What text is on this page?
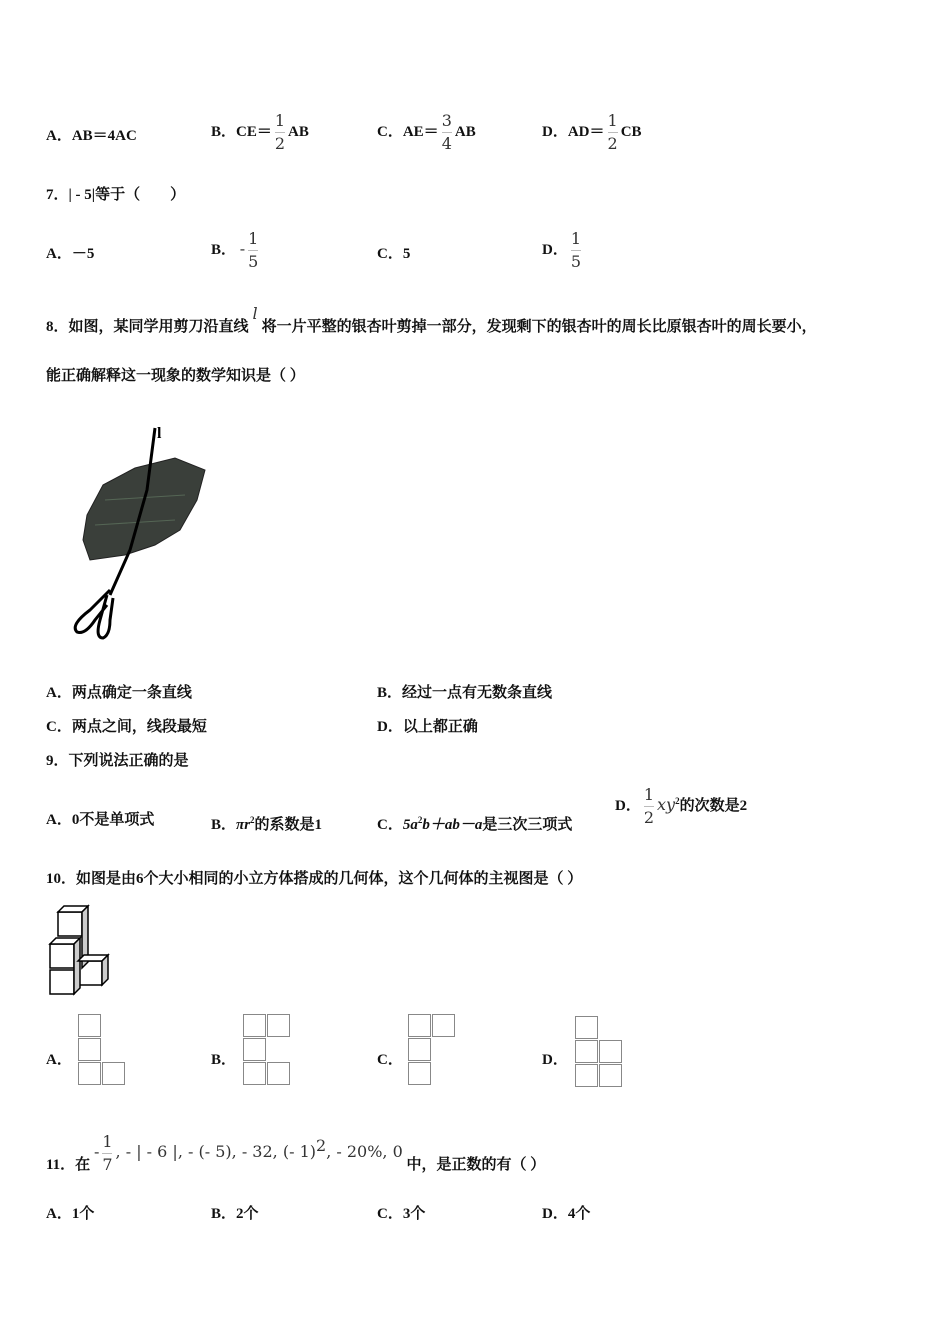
A．AB＝4AC	B．$CE= \frac{1}{2}$ AB	C．$AE= \frac{3}{4}$ AB	D．$AD= \frac{1}{2}$ CB
7．| - 5|等于（　　）
A．－5	B． - $\frac{1}{5}$	C．5	D． $\frac{1}{5}$
8．如图，某同学用剪刀沿直线l将一片平整的银杏叶剪掉一部分，发现剩下的银杏叶的周长比原银杏叶的周长要小，
能正确解释这一现象的数学知识是（ ）
l
A．两点确定一条直线	B．经过一点有无数条直线
C．两点之间，线段最短	D．以上都正确
9．下列说法正确的是
A．0不是单项式	B．$\pi r^2$的系数是1	C．$5a^2b+ab-a$是三次三项式
D． $\frac{1}{2} xy^2$的次数是2
10．如图是由6个大小相同的小立方体搭成的几何体，这个几何体的主视图是（ ）
A．	B．	C．	D．
11．在 - $\frac{1}{7}$ , - | - 6 |, - (- 5), - 32, (- 1)$^2$, - 20%, 0 中，是正数的有（ ）
A．1个	B．2个	C．3个	D．4个
